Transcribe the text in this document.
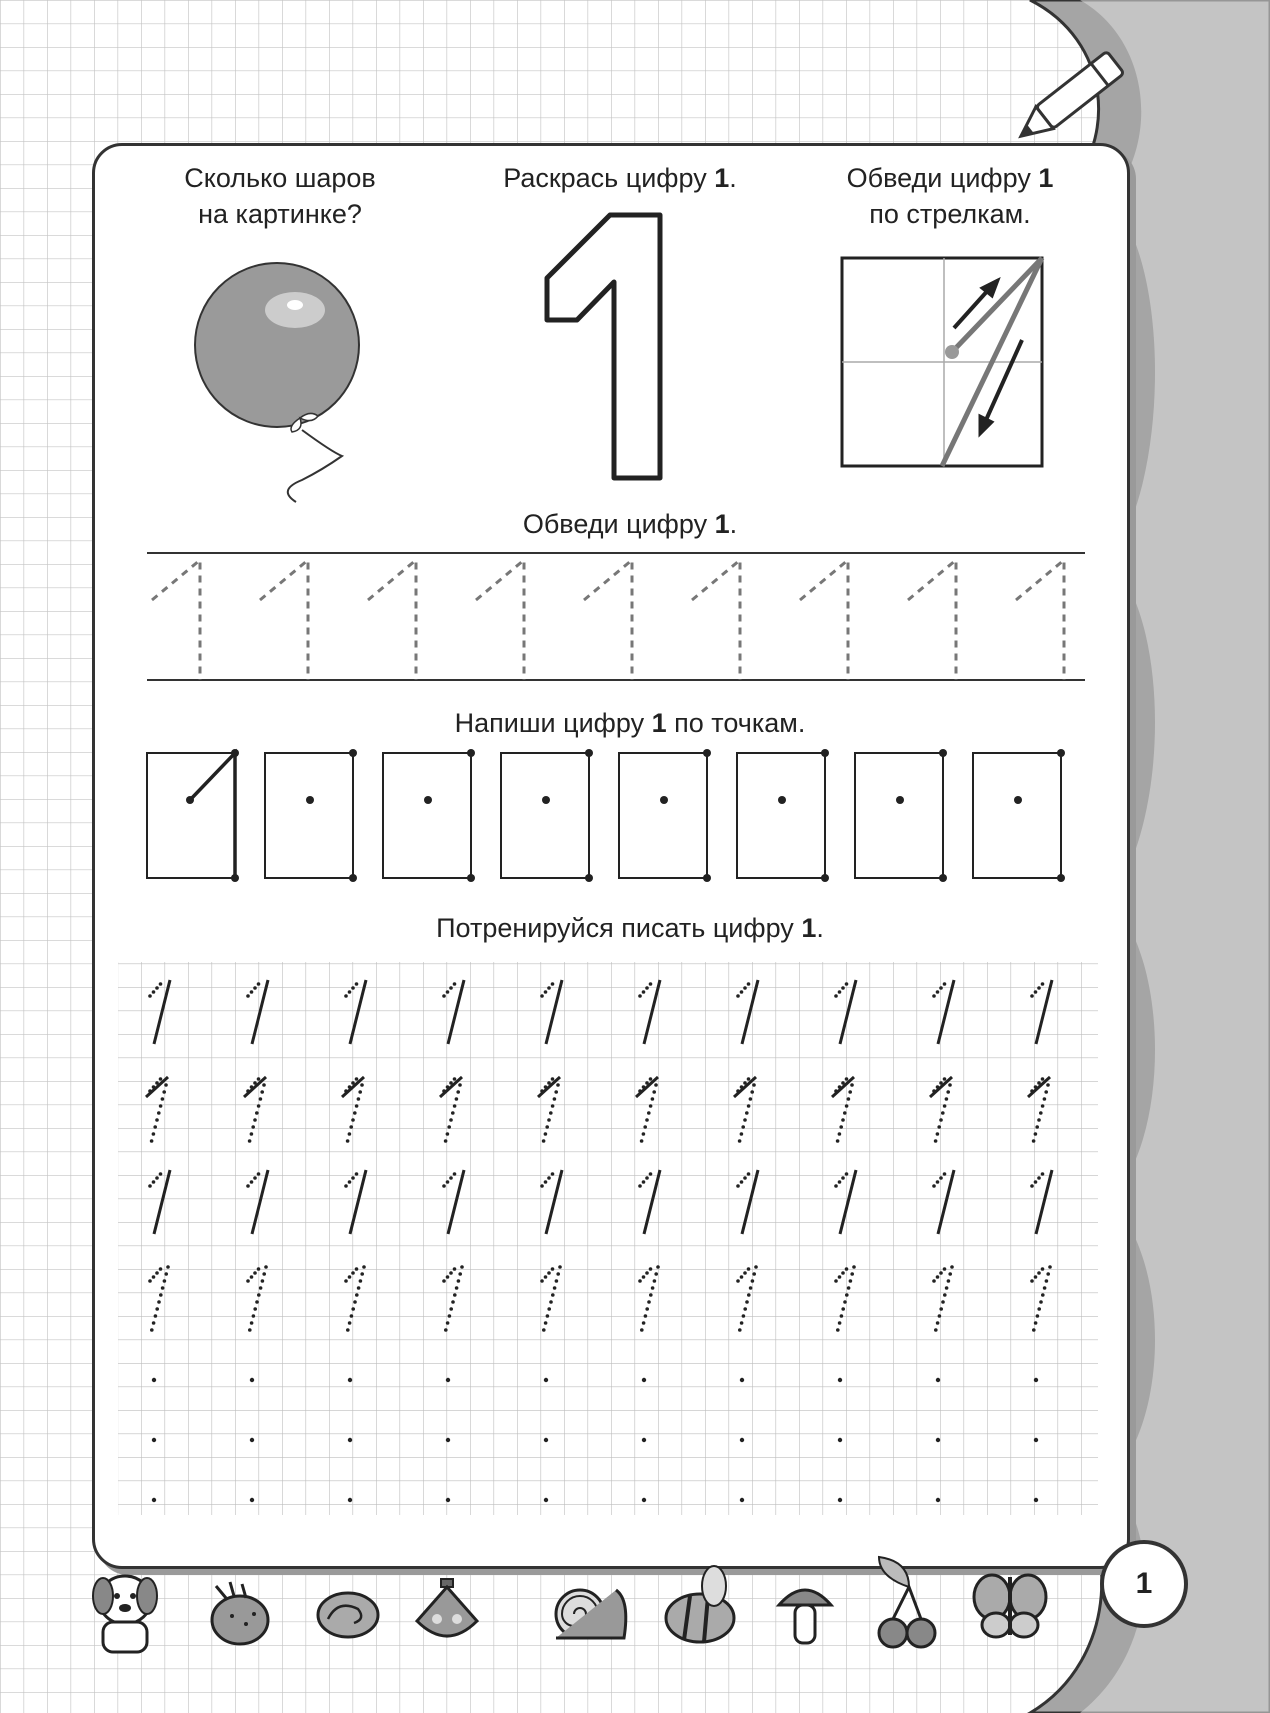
Сколько шаров
на картинке?
Раскрась цифру 1.	Обведи цифру 1
по стрелкам.
Обведи цифру 1.
Напиши цифру 1 по точкам.
Потренируйся писать цифру 1.
1
